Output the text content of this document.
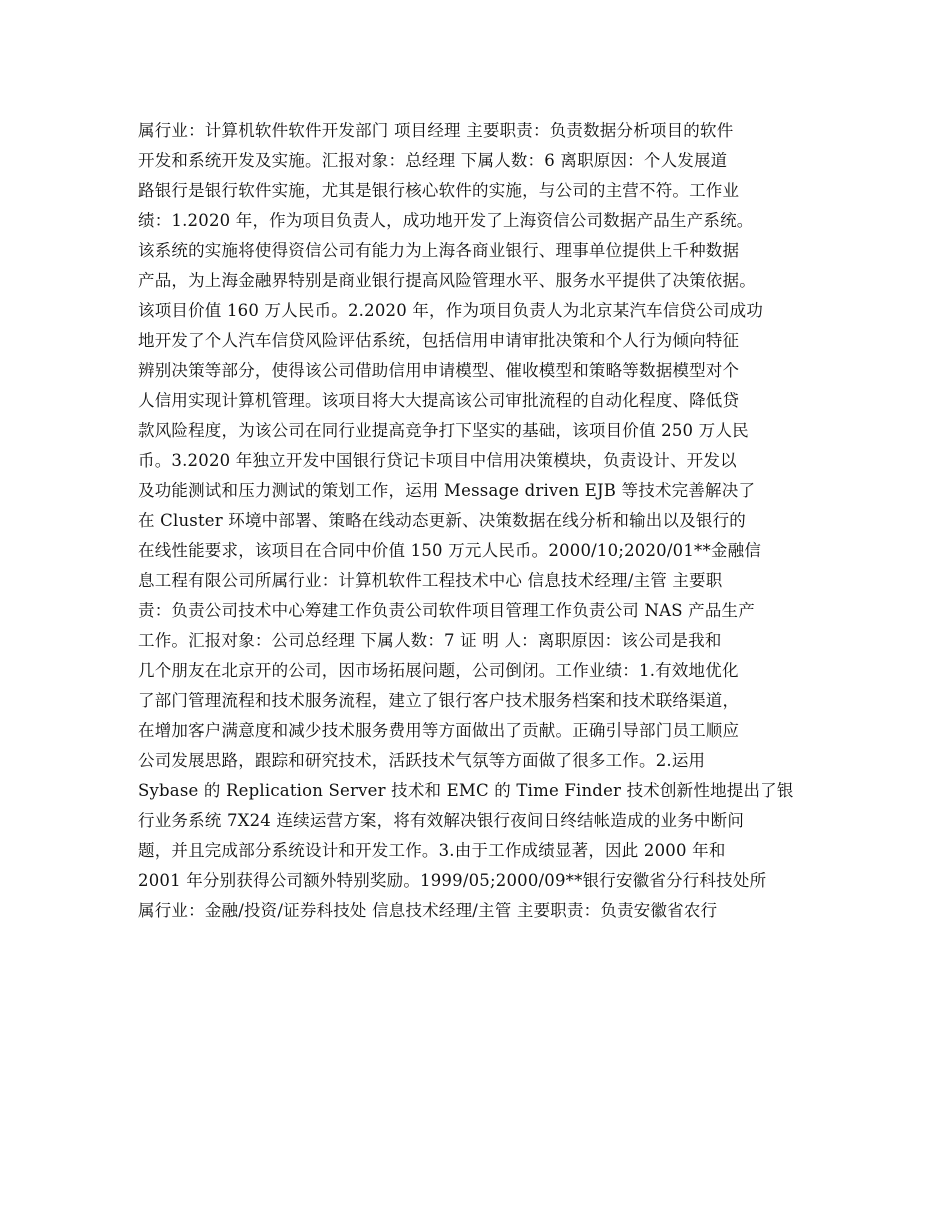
属行业：计算机软件软件开发部门 项目经理 主要职责：负责数据分析项目的软件
开发和系统开发及实施。汇报对象：总经理 下属人数：6 离职原因：个人发展道
路银行是银行软件实施，尤其是银行核心软件的实施，与公司的主营不符。工作业
绩：1.2020 年，作为项目负责人，成功地开发了上海资信公司数据产品生产系统。
该系统的实施将使得资信公司有能力为上海各商业银行、理事单位提供上千种数据
产品，为上海金融界特别是商业银行提高风险管理水平、服务水平提供了决策依据。
该项目价值 160 万人民币。2.2020 年，作为项目负责人为北京某汽车信贷公司成功
地开发了个人汽车信贷风险评估系统，包括信用申请审批决策和个人行为倾向特征
辨别决策等部分，使得该公司借助信用申请模型、催收模型和策略等数据模型对个
人信用实现计算机管理。该项目将大大提高该公司审批流程的自动化程度、降低贷
款风险程度，为该公司在同行业提高竞争打下坚实的基础，该项目价值 250 万人民
币。3.2020 年独立开发中国银行贷记卡项目中信用决策模块，负责设计、开发以
及功能测试和压力测试的策划工作，运用 Message driven EJB 等技术完善解决了
在 Cluster 环境中部署、策略在线动态更新、决策数据在线分析和输出以及银行的
在线性能要求，该项目在合同中价值 150 万元人民币。2000/10;2020/01**金融信
息工程有限公司所属行业：计算机软件工程技术中心 信息技术经理/主管 主要职
责：负责公司技术中心筹建工作负责公司软件项目管理工作负责公司 NAS 产品生产
工作。汇报对象：公司总经理 下属人数：7 证 明 人：离职原因：该公司是我和
几个朋友在北京开的公司，因市场拓展问题，公司倒闭。工作业绩：1.有效地优化
了部门管理流程和技术服务流程，建立了银行客户技术服务档案和技术联络渠道，
在增加客户满意度和减少技术服务费用等方面做出了贡献。正确引导部门员工顺应
公司发展思路，跟踪和研究技术，活跃技术气氛等方面做了很多工作。2.运用
Sybase 的 Replication Server 技术和 EMC 的 Time Finder 技术创新性地提出了银
行业务系统 7X24 连续运营方案，将有效解决银行夜间日终结帐造成的业务中断问
题，并且完成部分系统设计和开发工作。3.由于工作成绩显著，因此 2000 年和
2001 年分别获得公司额外特别奖励。1999/05;2000/09**银行安徽省分行科技处所
属行业：金融/投资/证券科技处 信息技术经理/主管 主要职责：负责安徽省农行
